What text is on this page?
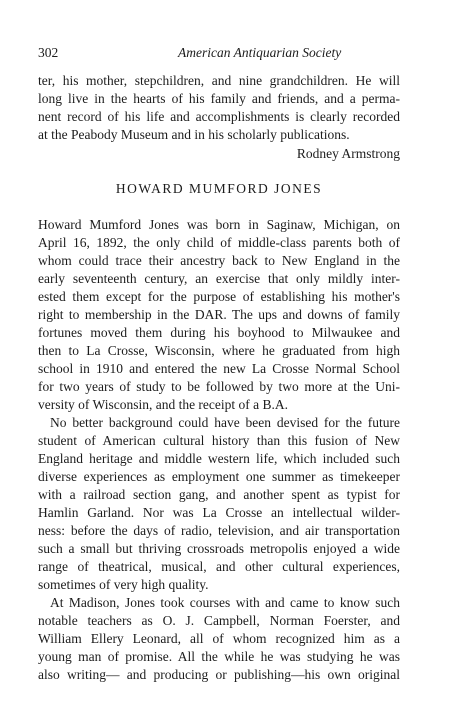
302	American Antiquarian Society
ter, his mother, stepchildren, and nine grandchildren. He will
long live in the hearts of his family and friends, and a perma-
nent record of his life and accomplishments is clearly recorded
at the Peabody Museum and in his scholarly publications.
Rodney Armstrong
HOWARD MUMFORD JONES
Howard Mumford Jones was born in Saginaw, Michigan, on
April 16, 1892, the only child of middle-class parents both of
whom could trace their ancestry back to New England in the
early seventeenth century, an exercise that only mildly inter-
ested them except for the purpose of establishing his mother's
right to membership in the DAR. The ups and downs of family
fortunes moved them during his boyhood to Milwaukee and
then to La Crosse, Wisconsin, where he graduated from high
school in 1910 and entered the new La Crosse Normal School
for two years of study to be followed by two more at the Uni-
versity of Wisconsin, and the receipt of a B.A.
No better background could have been devised for the future
student of American cultural history than this fusion of New
England heritage and middle western life, which included such
diverse experiences as employment one summer as timekeeper
with a railroad section gang, and another spent as typist for
Hamlin Garland. Nor was La Crosse an intellectual wilder-
ness: before the days of radio, television, and air transportation
such a small but thriving crossroads metropolis enjoyed a wide
range of theatrical, musical, and other cultural experiences,
sometimes of very high quality.
At Madison, Jones took courses with and came to know such
notable teachers as O. J. Campbell, Norman Foerster, and
William Ellery Leonard, all of whom recognized him as a
young man of promise. All the while he was studying he was
also writing— and producing or publishing—his own original
